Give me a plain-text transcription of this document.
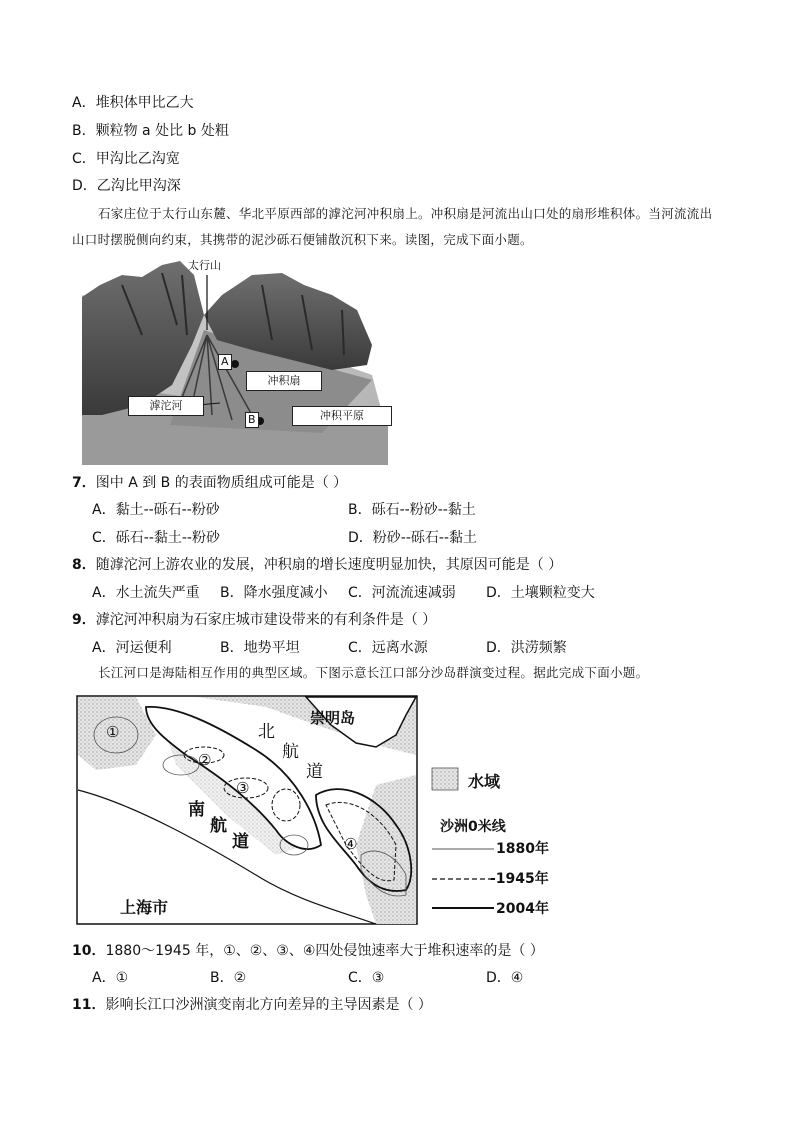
A．堆积体甲比乙大
B．颗粒物 a 处比 b 处粗
C．甲沟比乙沟宽
D．乙沟比甲沟深
石家庄位于太行山东麓、华北平原西部的滹沱河冲积扇上。冲积扇是河流出山口处的扇形堆积体。当河流流出山口时摆脱侧向约束，其携带的泥沙砾石便铺散沉积下来。读图，完成下面小题。
太行山
A
B
冲积扇
滹沱河
冲积平原
7．图中 A 到 B 的表面物质组成可能是（ ）
A．黏土--砾石--粉砂	B．砾石--粉砂--黏土
C．砾石--黏土--粉砂	D．粉砂--砾石--黏土
8．随滹沱河上游农业的发展，冲积扇的增长速度明显加快，其原因可能是（ ）
A．水土流失严重 B．降水强度减小 C．河流流速减弱 D．土壤颗粒变大
9．滹沱河冲积扇为石家庄城市建设带来的有利条件是（ ）
A．河运便利	B．地势平坦	C．远离水源	D．洪涝频繁
长江河口是海陆相互作用的典型区域。下图示意长江口部分沙岛群演变过程。据此完成下面小题。
崇明岛
北
航
道
南
航
道
上海市
①
②
③
④
水域
沙洲0米线
1880年
-1945年
2004年
10．1880～1945 年，①、②、③、④四处侵蚀速率大于堆积速率的是（ ）
A．①	B．②	C．③	D．④
11．影响长江口沙洲演变南北方向差异的主导因素是（ ）
